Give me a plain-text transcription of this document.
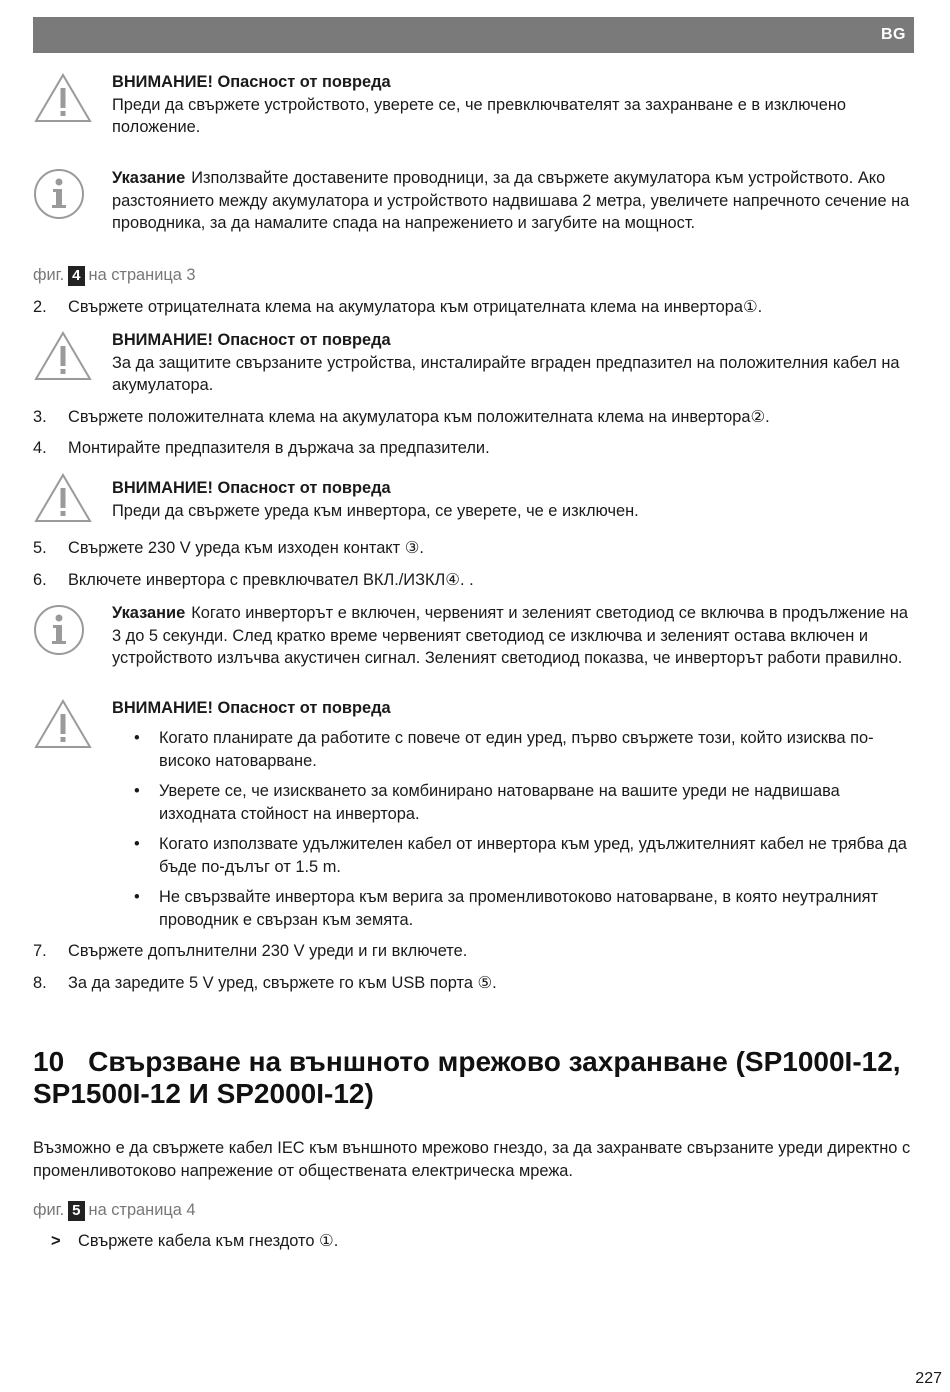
BG
ВНИМАНИЕ! Опасност от повреда
Преди да свържете устройството, уверете се, че превключвателят за захранване е в изключено положение.
Указание Използвайте доставените проводници, за да свържете акумулатора към устройството. Ако разстоянието между акумулатора и устройството надвишава 2 метра, увеличете напречното сечение на проводника, за да намалите спада на напрежението и загубите на мощност.
фиг. 4 на страница 3
2. Свържете отрицателната клема на акумулатора към отрицателната клема на инвертора①.
ВНИМАНИЕ! Опасност от повреда
За да защитите свързаните устройства, инсталирайте вграден предпазител на положителния кабел на акумулатора.
3. Свържете положителната клема на акумулатора към положителната клема на инвертора②.
4. Монтирайте предпазителя в държача за предпазители.
ВНИМАНИЕ! Опасност от повреда
Преди да свържете уреда към инвертора, се уверете, че е изключен.
5. Свържете 230 V уреда към изходен контакт ③.
6. Включете инвертора с превключвател ВКЛ./ИЗКЛ④. .
Указание Когато инверторът е включен, червеният и зеленият светодиод се включва в продължение на 3 до 5 секунди. След кратко време червеният светодиод се изключва и зеленият остава включен и устройството излъчва акустичен сигнал. Зеленият светодиод показва, че инверторът работи правилно.
ВНИМАНИЕ! Опасност от повреда
• Когато планирате да работите с повече от един уред, първо свържете този, който изисква по-високо натоварване.
• Уверете се, че изискването за комбинирано натоварване на вашите уреди не надвишава изходната стойност на инвертора.
• Когато използвате удължителен кабел от инвертора към уред, удължителният кабел не трябва да бъде по-дълъг от 1.5 m.
• Не свързвайте инвертора към верига за променливотоково натоварване, в която неутралният проводник е свързан към земята.
7. Свържете допълнителни 230 V уреди и ги включете.
8. За да заредите 5 V уред, свържете го към USB порта ⑤.
10 Свързване на външното мрежово захранване (SP1000I-12, SP1500I-12 И SP2000I-12)
Възможно е да свържете кабел IEC към външното мрежово гнездо, за да захранвате свързаните уреди директно с променливотоково напрежение от обществената електрическа мрежа.
фиг. 5 на страница 4
> Свържете кабела към гнездото ①.
227
